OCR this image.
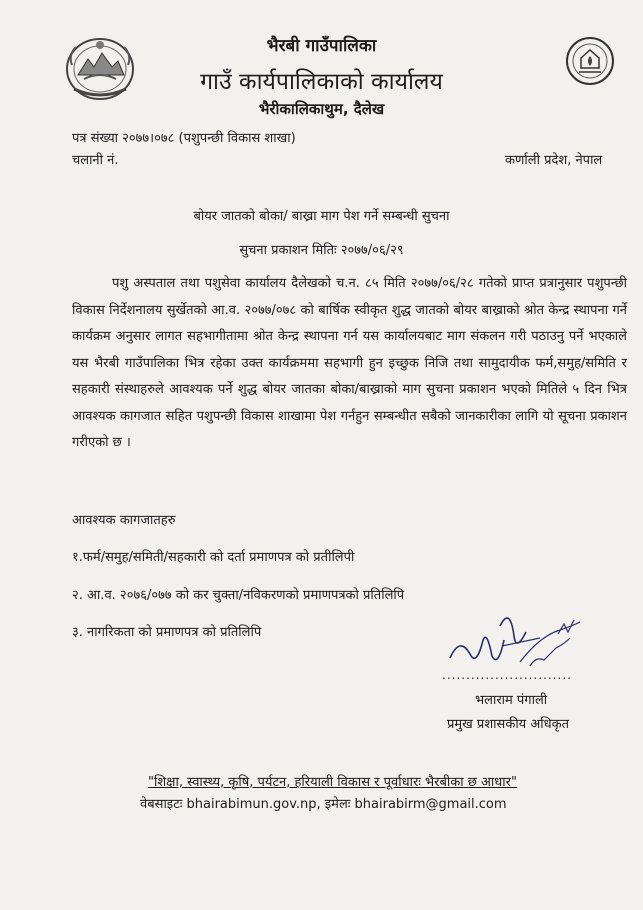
भैरबी गाउँपालिका
गाउँ कार्यपालिकाको कार्यालय
भैरीकालिकाथुम, दैलेख
पत्र संख्या २०७७।०७८ (पशुपन्छी विकास शाखा)
चलानी नं.	कर्णाली प्रदेश, नेपाल
बोयर जातको बोका/ बाख्रा माग पेश गर्ने सम्बन्धी सुचना
सुचना प्रकाशन मितिः २०७७/०६/२९
पशु अस्पताल तथा पशुसेवा कार्यालय दैलेखको च.न. ८५ मिति २०७७/०६/२८ गतेको प्राप्त प्रत्रानुसार पशुपन्छी विकास निर्देशनालय सुर्खेतको आ.व. २०७७/०७८ को बार्षिक स्वीकृत शुद्ध जातको बोयर बाख्राको श्रोत केन्द्र स्थापना गर्ने कार्यक्रम अनुसार लागत सहभागीतामा श्रोत केन्द्र स्थापना गर्न यस कार्यालयबाट माग संकलन गरी पठाउनु पर्ने भएकाले यस भैरबी गाउँपालिका भित्र रहेका उक्त कार्यक्रममा सहभागी हुन इच्छुक निजि तथा सामुदायीक फर्म,समुह/समिति र सहकारी संस्थाहरुले आवश्यक पर्ने शुद्ध बोयर जातका बोका/बाख्राको माग सुचना प्रकाशन भएको मितिले ५ दिन भित्र आवश्यक कागजात सहित पशुपन्छी विकास शाखामा पेश गर्नहुन सम्बन्धीत सबैको जानकारीका लागि यो सूचना प्रकाशन गरीएको छ ।
आवश्यक कागजातहरु
१.फर्म/समुह/समिती/सहकारी को दर्ता प्रमाणपत्र को प्रतीलिपी
२. आ.व. २०७६/०७७ को कर चुक्ता/नविकरणको प्रमाणपत्रको प्रतिलिपि
३. नागरिकता को प्रमाणपत्र को प्रतिलिपि
...........................
भलाराम पंगाली
प्रमुख प्रशासकीय अधिकृत
"शिक्षा, स्वास्थ्य, कृषि, पर्यटन, हरियाली विकास र पूर्वाधारः भैरबीका छ आधार"
वेबसाइटः bhairabimun.gov.np, इमेलः bhairabirm@gmail.com
